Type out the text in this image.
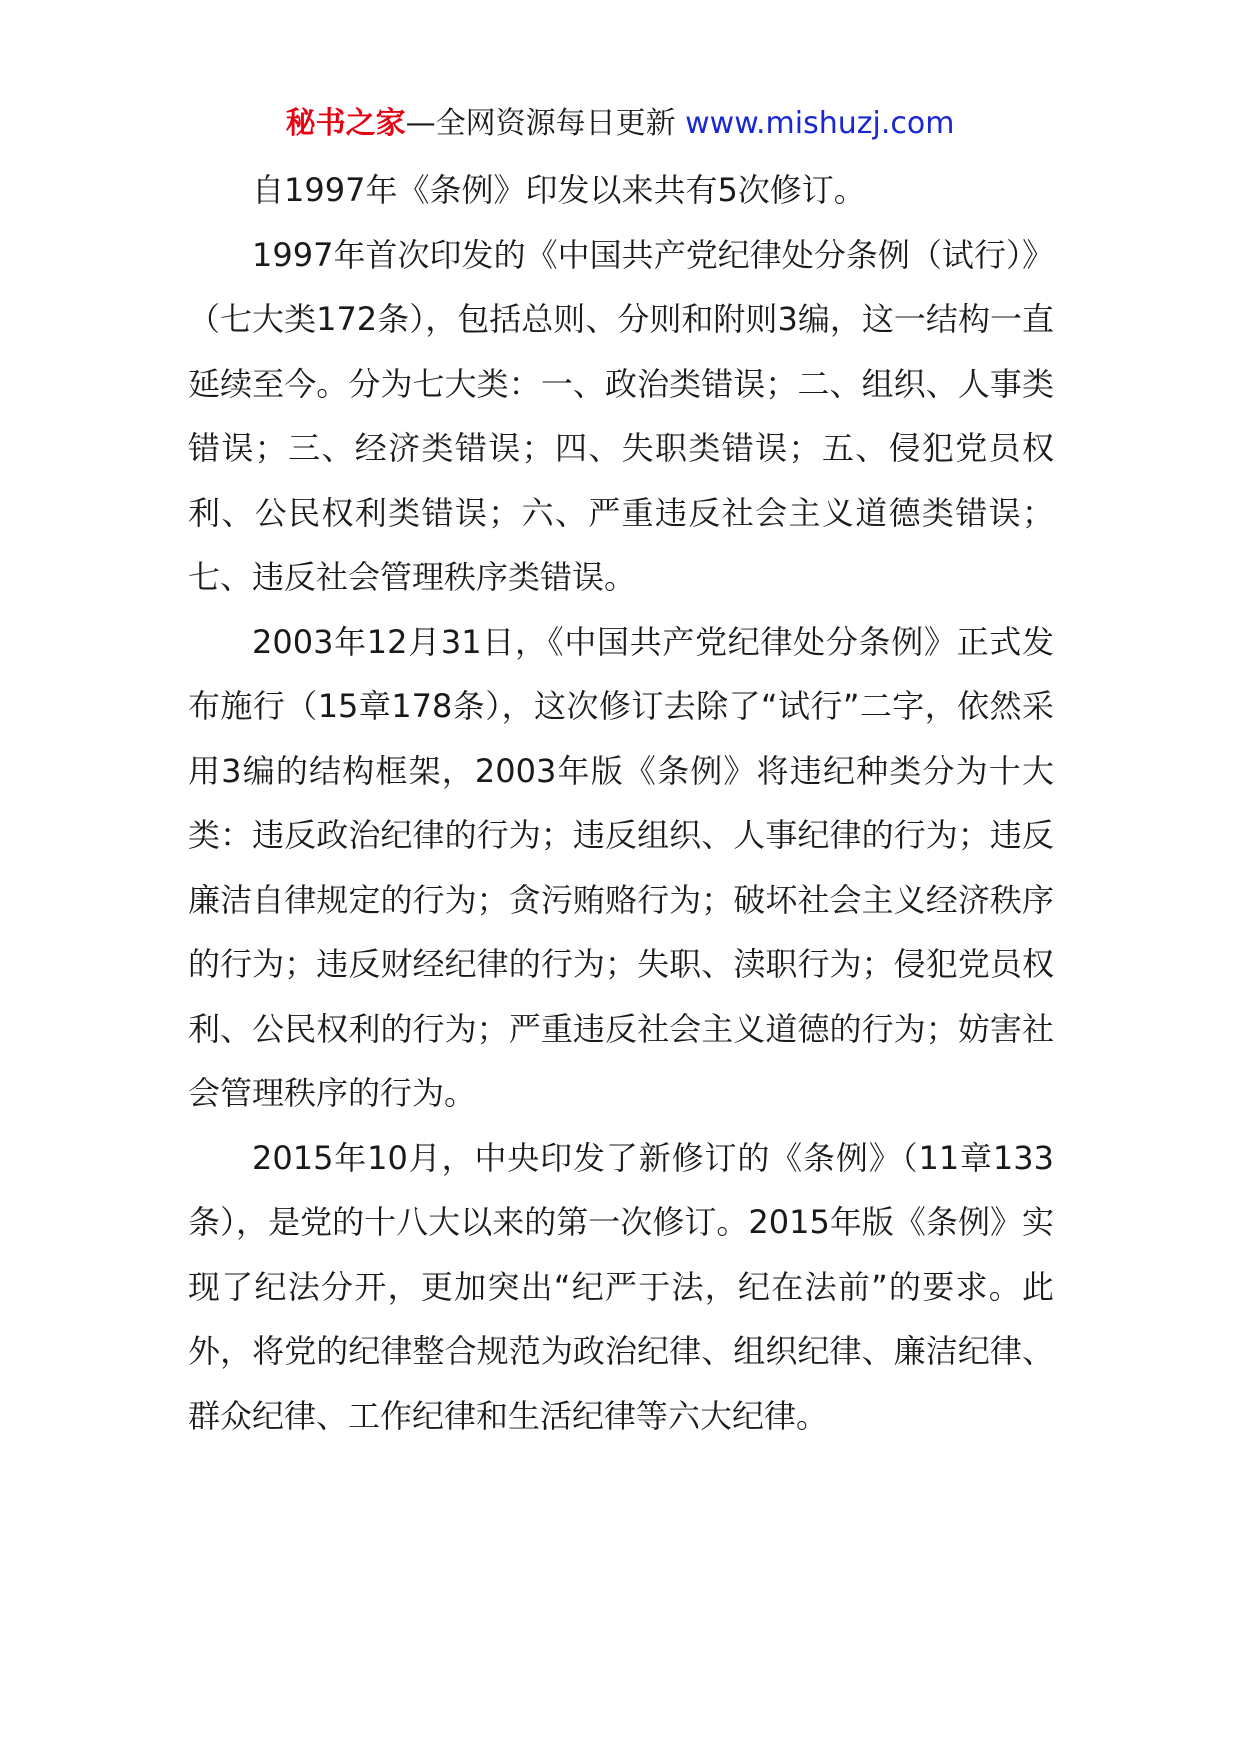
秘书之家—全网资源每日更新 www.mishuzj.com

自1997年《条例》印发以来共有5次修订。

1997年首次印发的《中国共产党纪律处分条例（试行）》（七大类172条），包括总则、分则和附则3编，这一结构一直延续至今。分为七大类：一、政治类错误；二、组织、人事类错误；三、经济类错误；四、失职类错误；五、侵犯党员权利、公民权利类错误；六、严重违反社会主义道德类错误；七、违反社会管理秩序类错误。

2003年12月31日，《中国共产党纪律处分条例》正式发布施行（15章178条），这次修订去除了“试行”二字，依然采用3编的结构框架，2003年版《条例》将违纪种类分为十大类：违反政治纪律的行为；违反组织、人事纪律的行为；违反廉洁自律规定的行为；贪污贿赂行为；破坏社会主义经济秩序的行为；违反财经纪律的行为；失职、渎职行为；侵犯党员权利、公民权利的行为；严重违反社会主义道德的行为；妨害社会管理秩序的行为。

2015年10月，中央印发了新修订的《条例》（11章133条），是党的十八大以来的第一次修订。2015年版《条例》实现了纪法分开，更加突出“纪严于法，纪在法前”的要求。此外，将党的纪律整合规范为政治纪律、组织纪律、廉洁纪律、群众纪律、工作纪律和生活纪律等六大纪律。
